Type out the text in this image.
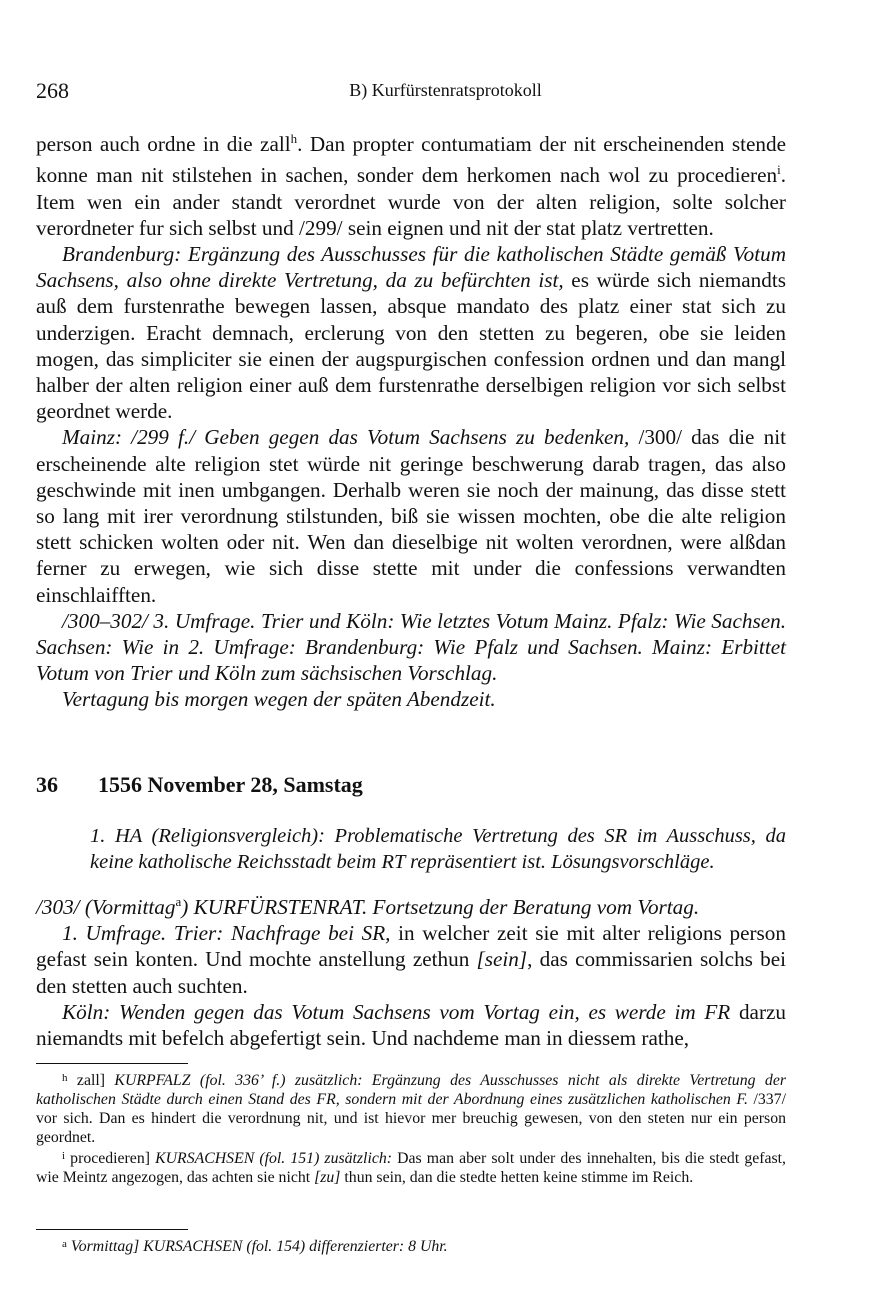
268	B) Kurfürstenratsprotokoll

person auch ordne in die zall$^h$. Dan propter contumatiam der nit erscheinenden stende konne man nit stilstehen in sachen, sonder dem herkomen nach wol zu procedieren$^i$. Item wen ein ander standt verordnet wurde von der alten religion, solte solcher verordneter fur sich selbst und /299/ sein eignen und nit der stat platz vertretten.

Brandenburg: Ergänzung des Ausschusses für die katholischen Städte gemäß Votum Sachsens, also ohne direkte Vertretung, da zu befürchten ist, es würde sich niemandts auß dem furstenrathe bewegen lassen, absque mandato des platz einer stat sich zu underzigen. Eracht demnach, erclerung von den stetten zu begeren, obe sie leiden mogen, das simpliciter sie einen der augspurgischen confession ordnen und dan mangl halber der alten religion einer auß dem furstenrathe derselbigen religion vor sich selbst geordnet werde.

Mainz: /299 f./ Geben gegen das Votum Sachsens zu bedenken, /300/ das die nit erscheinende alte religion stet würde nit geringe beschwerung darab tragen, das also geschwinde mit inen umbgangen. Derhalb weren sie noch der mainung, das disse stett so lang mit irer verordnung stilstunden, biß sie wissen mochten, obe die alte religion stett schicken wolten oder nit. Wen dan dieselbige nit wolten verordnen, were alßdan ferner zu erwegen, wie sich disse stette mit under die confessions verwandten einschlaifften.

/300–302/ 3. Umfrage. Trier und Köln: Wie letztes Votum Mainz. Pfalz: Wie Sachsen. Sachsen: Wie in 2. Umfrage: Brandenburg: Wie Pfalz und Sachsen. Mainz: Erbittet Votum von Trier und Köln zum sächsischen Vorschlag.

Vertagung bis morgen wegen der späten Abendzeit.

36 1556 November 28, Samstag
1. HA (Religionsvergleich): Problematische Vertretung des SR im Ausschuss, da keine katholische Reichsstadt beim RT repräsentiert ist. Lösungsvorschläge.

/303/ (Vormittag$^a$) KURFÜRSTENRAT. Fortsetzung der Beratung vom Vortag.

1. Umfrage. Trier: Nachfrage bei SR, in welcher zeit sie mit alter religions person gefast sein konten. Und mochte anstellung zethun [sein], das commissarien solchs bei den stetten auch suchten.

Köln: Wenden gegen das Votum Sachsens vom Vortag ein, es werde im FR darzu niemandts mit befelch abgefertigt sein. Und nachdeme man in diessem rathe,

$^h$ zall] KURPFALZ (fol. 336’ f.) zusätzlich: Ergänzung des Ausschusses nicht als direkte Vertretung der katholischen Städte durch einen Stand des FR, sondern mit der Abordnung eines zusätzlichen katholischen F. /337/ vor sich. Dan es hindert die verordnung nit, und ist hievor mer breuchig gewesen, von den steten nur ein person geordnet.

$^i$ procedieren] KURSACHSEN (fol. 151) zusätzlich: Das man aber solt under des innehalten, bis die stedt gefast, wie Meintz angezogen, das achten sie nicht [zu] thun sein, dan die stedte hetten keine stimme im Reich.

$^a$ Vormittag] KURSACHSEN (fol. 154) differenzierter: 8 Uhr.
